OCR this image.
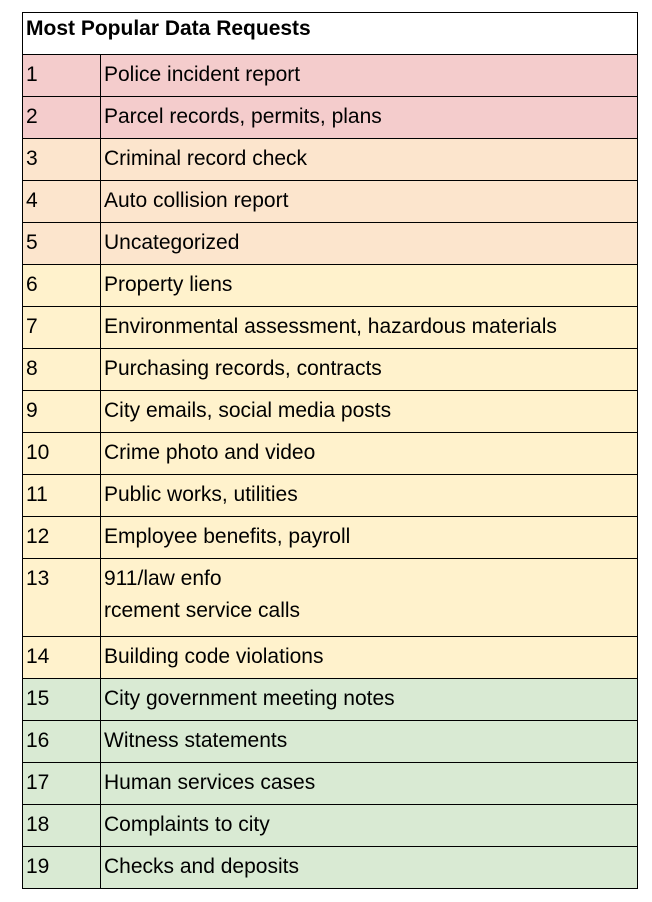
Most Popular Data Requests	
1	Police incident report

2	Parcel records, permits, plans

3	Criminal record check

4	Auto collision report

5	Uncategorized

6	Property liens

7	Environmental assessment, hazardous materials

8	Purchasing records, contracts

9	City emails, social media posts

10	Crime photo and video

11	Public works, utilities

12	Employee benefits, payroll

13	911/law enfo
rcement service calls

14	Building code violations

15	City government meeting notes

16	Witness statements

17	Human services cases

18	Complaints to city

19	Checks and deposits
